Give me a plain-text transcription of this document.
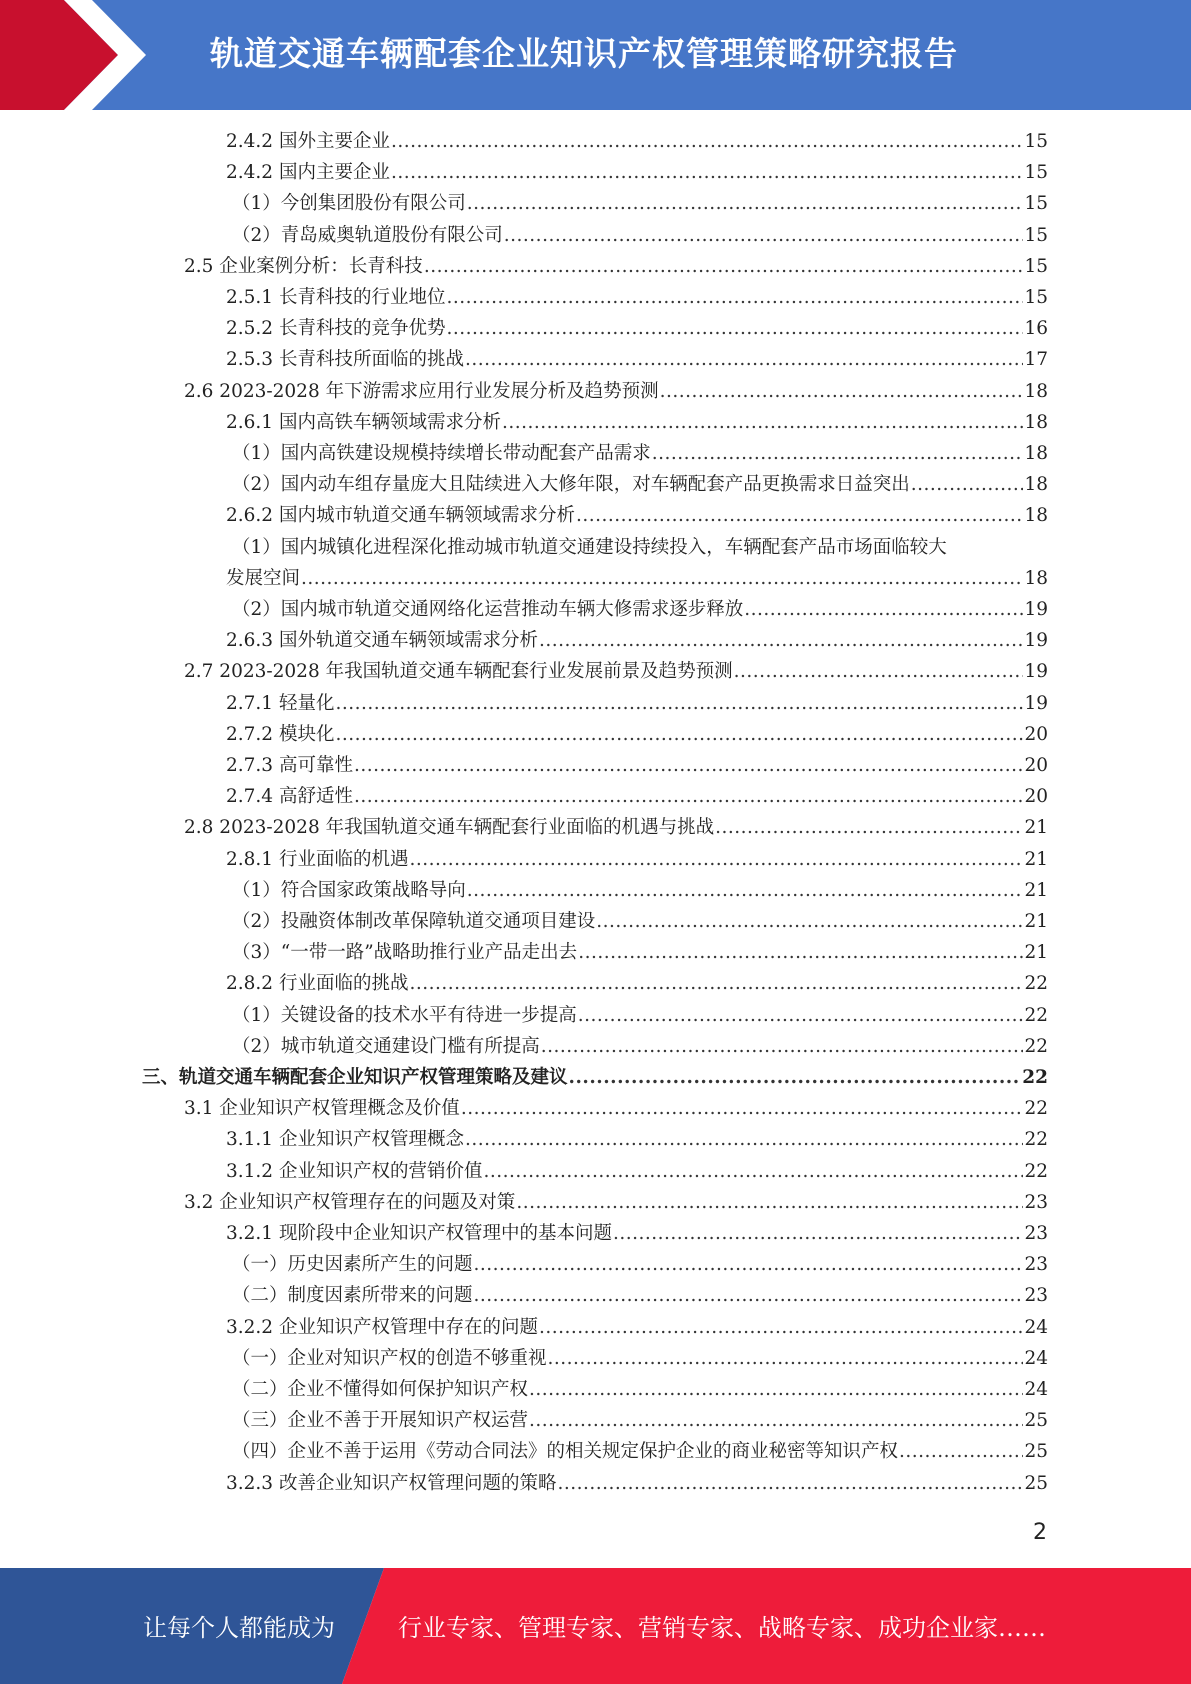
轨道交通车辆配套企业知识产权管理策略研究报告
2.4.2 国外主要企业 .....	15
2.4.2 国内主要企业 .....	15
（1）今创集团股份有限公司 .....	15
（2）青岛威奥轨道股份有限公司 .....	15
2.5 企业案例分析：长青科技 .....	15
2.5.1 长青科技的行业地位 .....	15
2.5.2 长青科技的竞争优势 .....	16
2.5.3 长青科技所面临的挑战 .....	17
2.6 2023-2028 年下游需求应用行业发展分析及趋势预测 .....	18
2.6.1 国内高铁车辆领域需求分析 .....	18
（1）国内高铁建设规模持续增长带动配套产品需求 .....	18
（2）国内动车组存量庞大且陆续进入大修年限，对车辆配套产品更换需求日益突出 .....	18
2.6.2 国内城市轨道交通车辆领域需求分析 .....	18
（1）国内城镇化进程深化推动城市轨道交通建设持续投入，车辆配套产品市场面临较大
发展空间 .....	18
（2）国内城市轨道交通网络化运营推动车辆大修需求逐步释放 .....	19
2.6.3 国外轨道交通车辆领域需求分析 .....	19
2.7 2023-2028 年我国轨道交通车辆配套行业发展前景及趋势预测 .....	19
2.7.1 轻量化 .....	19
2.7.2 模块化 .....	20
2.7.3 高可靠性 .....	20
2.7.4 高舒适性 .....	20
2.8 2023-2028 年我国轨道交通车辆配套行业面临的机遇与挑战 .....	21
2.8.1 行业面临的机遇 .....	21
（1）符合国家政策战略导向 .....	21
（2）投融资体制改革保障轨道交通项目建设 .....	21
（3）“一带一路”战略助推行业产品走出去 .....	21
2.8.2 行业面临的挑战 .....	22
（1）关键设备的技术水平有待进一步提高 .....	22
（2）城市轨道交通建设门槛有所提高 .....	22
三、轨道交通车辆配套企业知识产权管理策略及建议 .....	22
3.1 企业知识产权管理概念及价值 .....	22
3.1.1 企业知识产权管理概念 .....	22
3.1.2 企业知识产权的营销价值 .....	22
3.2 企业知识产权管理存在的问题及对策 .....	23
3.2.1 现阶段中企业知识产权管理中的基本问题 .....	23
（一）历史因素所产生的问题 .....	23
（二）制度因素所带来的问题 .....	23
3.2.2 企业知识产权管理中存在的问题 .....	24
（一）企业对知识产权的创造不够重视 .....	24
（二）企业不懂得如何保护知识产权 .....	24
（三）企业不善于开展知识产权运营 .....	25
（四）企业不善于运用《劳动合同法》的相关规定保护企业的商业秘密等知识产权 .....	25
3.2.3 改善企业知识产权管理问题的策略 .....	25
2
让每个人都能成为	行业专家、管理专家、营销专家、战略专家、成功企业家……
